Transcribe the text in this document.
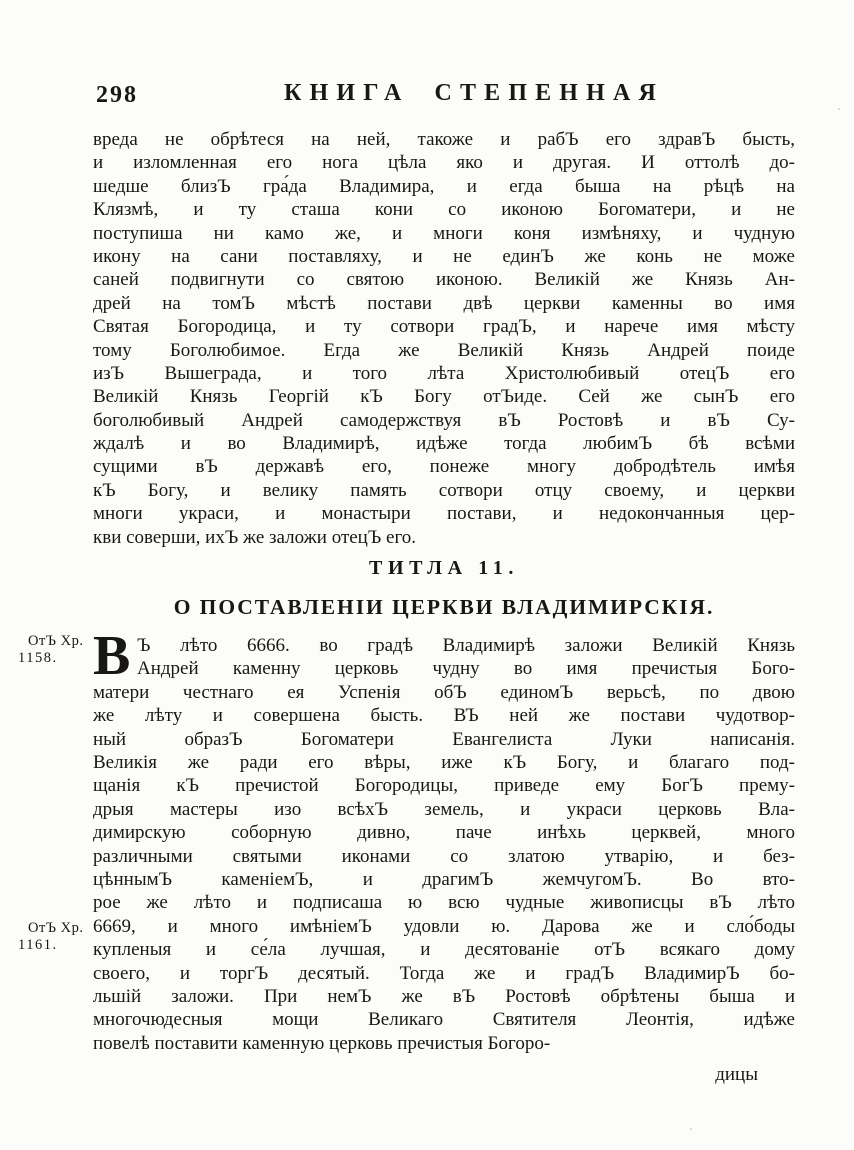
298	КНИГА СТЕПЕННАЯ
вреда не обрѣтеся на ней, такоже и рабЪ его здравЪ бысть,
и изломленная его нога цѣла яко и другая. И оттолѣ до-
шедше близЪ гра́да Владимира, и егда быша на рѣцѣ на
Клязмѣ, и ту сташа кони со иконою Богоматери, и не
поступиша ни камо же, и многи коня измѣняху, и чудную
икону на сани поставляху, и не единЪ же конь не може
саней подвигнути со святою иконою. Великій же Князь Ан-
дрей на томЪ мѣстѣ постави двѣ церкви каменны во имя
Святая Богородица, и ту сотвори градЪ, и нарече имя мѣсту
тому Боголюбимое. Егда же Великій Князь Андрей поиде
изЪ Вышеграда, и того лѣта Христолюбивый отецЪ его
Великій Князь Георгій кЪ Богу отЪиде. Сей же сынЪ его
боголюбивый Андрей самодержствуя вЪ Ростовѣ и вЪ Су-
ждалѣ и во Владимирѣ, идѣже тогда любимЪ бѣ всѣми
сущими вЪ державѣ его, понеже многу добродѣтель имѣя
кЪ Богу, и велику память сотвори отцу своему, и церкви
многи украси, и монастыри постави, и недокончанныя цер-
кви соверши, ихЪ же заложи отецЪ его.
ТИТЛА 11.
О ПОСТАВЛЕНІИ ЦЕРКВИ ВЛАДИМИРСКІЯ.
В Ъ лѣто 6666. во градѣ Владимирѣ заложи Великій Князь
Андрей каменну церковь чудну во имя пречистыя Бого-
матери честнаго ея Успенія обЪ единомЪ верьсѣ, по двою
же лѣту и совершена бысть. ВЪ ней же постави чудотвор-
ный образЪ Богоматери Евангелиста Луки написанія.
Великія же ради его вѣры, иже кЪ Богу, и благаго под-
щанія кЪ пречистой Богородицы, приведе ему БогЪ прему-
дрыя мастеры изо всѣхЪ земель, и украси церковь Вла-
димирскую соборную дивно, паче инѣхь церквей, много
различными святыми иконами со златою утварію, и без-
цѣннымЪ каменіемЪ, и драгимЪ жемчугомЪ. Во вто-
рое же лѣто и подписаша ю всю чудные живописцы вЪ лѣто
6669, и много имѣніемЪ удовли ю. Дарова же и сло́боды
купленыя и се́ла лучшая, и десятованіе отЪ всякаго дому
своего, и торгЪ десятый. Тогда же и градЪ ВладимирЪ бо-
льшій заложи. При немЪ же вЪ Ростовѣ обрѣтены быша и
многочюдесныя мощи Великаго Святителя Леонтія, идѣже
повелѣ поставити каменную церковь пречистыя Богоро-
ОтЪ Хр.
1158.
ОтЪ Хр.
1161.
дицы
